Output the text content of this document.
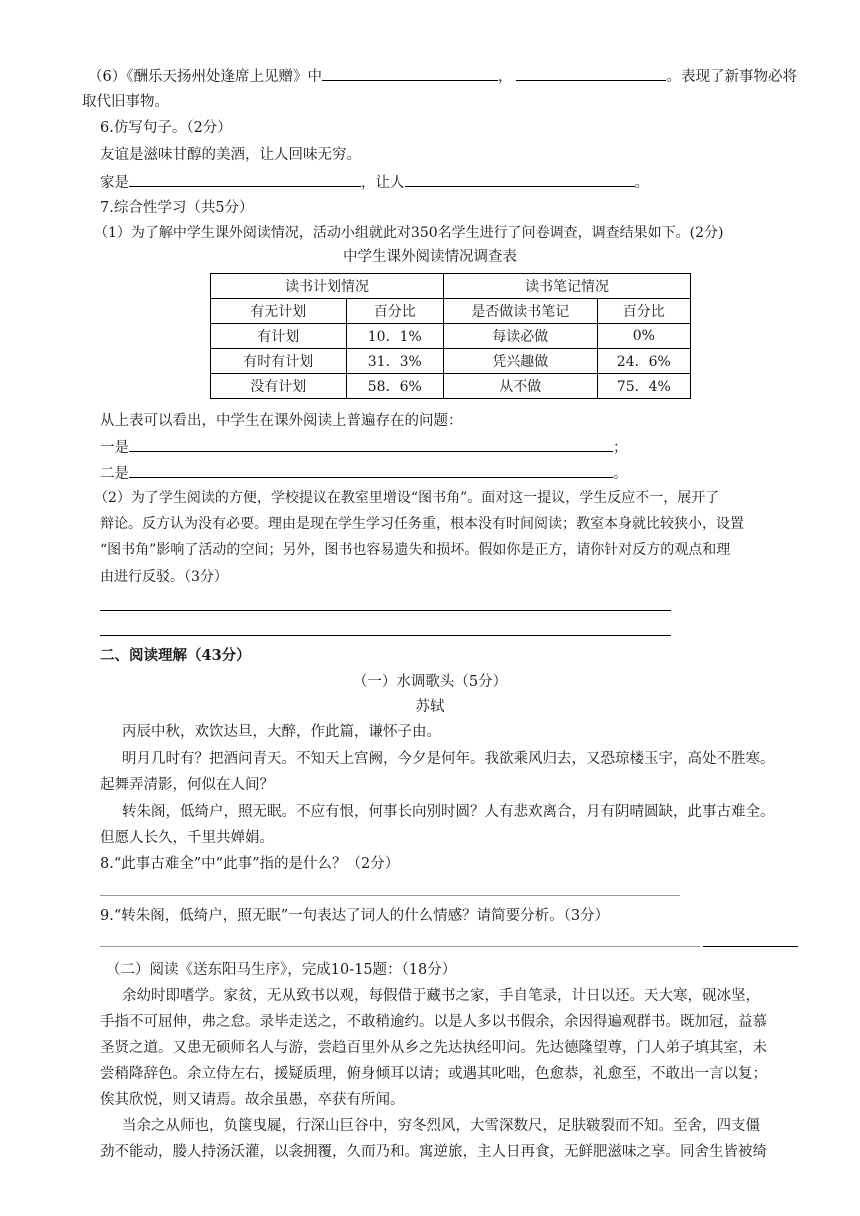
（6）《酬乐天扬州处逢席上见赠》中	，	。表现了新事物必将
取代旧事物。
6.仿写句子。（2分）
友谊是滋味甘醇的美酒，让人回味无穷。
家是	，让人	。
7.综合性学习（共5分）
（1）为了解中学生课外阅读情况，活动小组就此对350名学生进行了问卷调查，调查结果如下。(2分)
中学生课外阅读情况调查表
读书计划情况		读书笔记情况	
有无计划	百分比	是否做读书笔记	百分比
有计划	10．1%	每读必做	0%
有时有计划	31．3%	凭兴趣做	24．6%
没有计划	58．6%	从不做	75．4%
从上表可以看出，中学生在课外阅读上普遍存在的问题：
一是	；
二是	。
（2）为了学生阅读的方便，学校提议在教室里增设“图书角”。面对这一提议，学生反应不一，展开了
辩论。反方认为没有必要。理由是现在学生学习任务重，根本没有时间阅读；教室本身就比较狭小，设置
“图书角”影响了活动的空间；另外，图书也容易遗失和损坏。假如你是正方，请你针对反方的观点和理
由进行反驳。（3分）
二、阅读理解（43分）
（一）水调歌头（5分）
苏轼
丙辰中秋，欢饮达旦，大醉，作此篇，谦怀子由。
明月几时有？把酒问青天。不知天上宫阙，今夕是何年。我欲乘风归去，又恐琼楼玉宇，高处不胜寒。
起舞弄清影，何似在人间？
转朱阁，低绮户，照无眠。不应有恨，何事长向别时圆？人有悲欢离合，月有阴晴圆缺，此事古难全。
但愿人长久，千里共婵娟。
8.“此事古难全”中“此事”指的是什么？（2分）
9.“转朱阁，低绮户，照无眠”一句表达了词人的什么情感？请简要分析。（3分）
（二）阅读《送东阳马生序》，完成10-15题：（18分）
余幼时即嗜学。家贫，无从致书以观，每假借于藏书之家，手自笔录，计日以还。天大寒，砚冰坚，
手指不可屈伸，弗之怠。录毕走送之，不敢稍逾约。以是人多以书假余，余因得遍观群书。既加冠，益慕
圣贤之道。又患无硕师名人与游，尝趋百里外从乡之先达执经叩问。先达德隆望尊，门人弟子填其室，未
尝稍降辞色。余立侍左右，援疑质理，俯身倾耳以请；或遇其叱咄，色愈恭，礼愈至，不敢出一言以复；
俟其欣悦，则又请焉。故余虽愚，卒获有所闻。
当余之从师也，负箧曳屣，行深山巨谷中，穷冬烈风，大雪深数尺，足肤皲裂而不知。至舍，四支僵
劲不能动，媵人持汤沃灌，以衾拥覆，久而乃和。寓逆旅，主人日再食，无鲜肥滋味之享。同舍生皆被绮
